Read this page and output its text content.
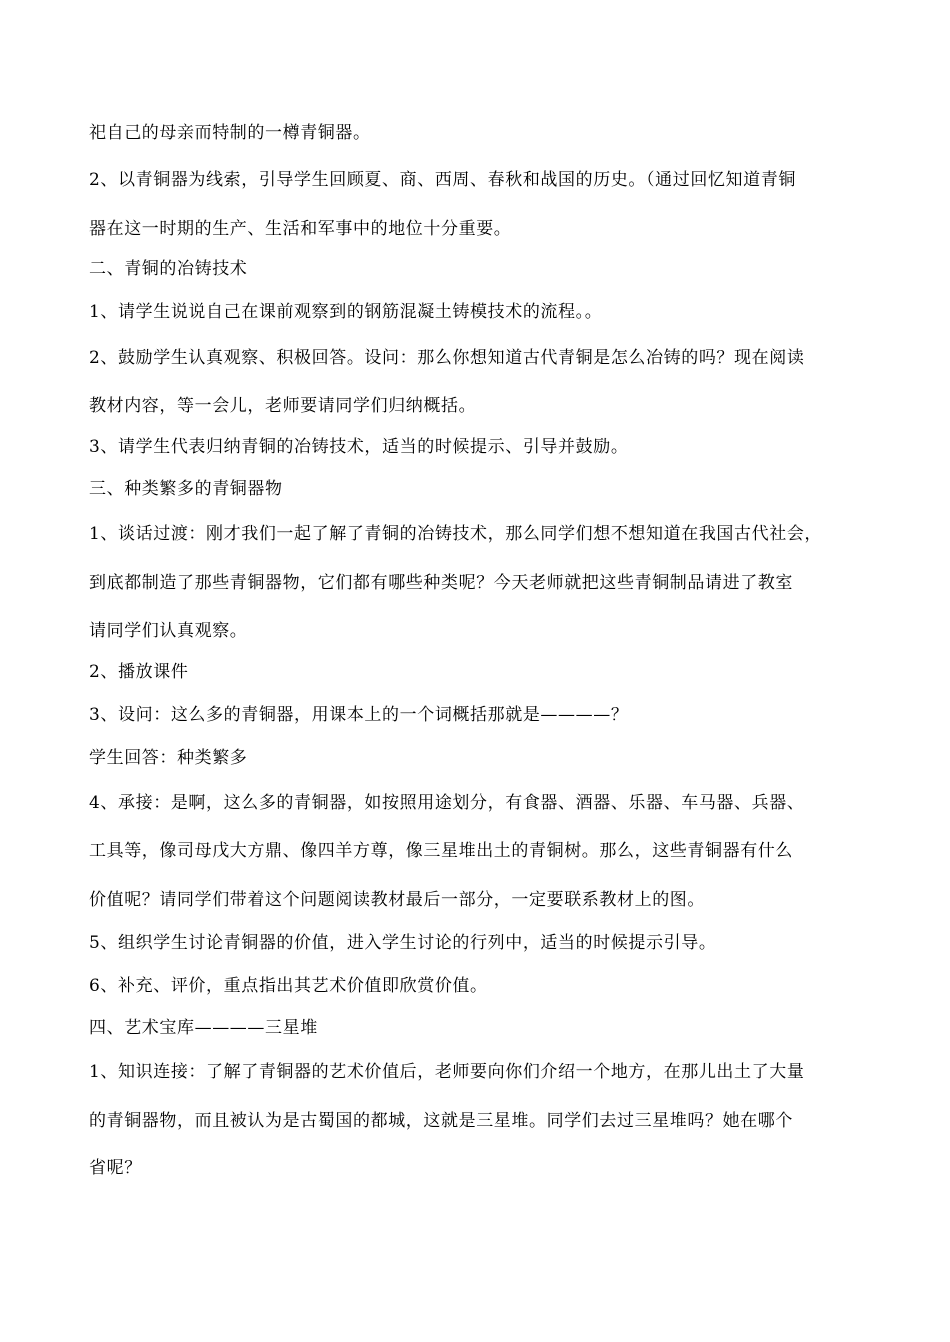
祀自己的母亲而特制的一樽青铜器。
2、以青铜器为线索，引导学生回顾夏、商、西周、春秋和战国的历史。（通过回忆知道青铜
器在这一时期的生产、生活和军事中的地位十分重要。
二、青铜的冶铸技术
1、请学生说说自己在课前观察到的钢筋混凝土铸模技术的流程。。
2、鼓励学生认真观察、积极回答。设问：那么你想知道古代青铜是怎么冶铸的吗？现在阅读
教材内容，等一会儿，老师要请同学们归纳概括。
3、请学生代表归纳青铜的冶铸技术，适当的时候提示、引导并鼓励。
三、种类繁多的青铜器物
1、谈话过渡：刚才我们一起了解了青铜的冶铸技术，那么同学们想不想知道在我国古代社会，
到底都制造了那些青铜器物，它们都有哪些种类呢？今天老师就把这些青铜制品请进了教室
请同学们认真观察。
2、播放课件
3、设问：这么多的青铜器，用课本上的一个词概括那就是————？
学生回答：种类繁多
4、承接：是啊，这么多的青铜器，如按照用途划分，有食器、酒器、乐器、车马器、兵器、
工具等，像司母戊大方鼎、像四羊方尊，像三星堆出土的青铜树。那么，这些青铜器有什么
价值呢？请同学们带着这个问题阅读教材最后一部分，一定要联系教材上的图。
5、组织学生讨论青铜器的价值，进入学生讨论的行列中，适当的时候提示引导。
6、补充、评价，重点指出其艺术价值即欣赏价值。
四、艺术宝库————三星堆
1、知识连接：了解了青铜器的艺术价值后，老师要向你们介绍一个地方，在那儿出土了大量
的青铜器物，而且被认为是古蜀国的都城，这就是三星堆。同学们去过三星堆吗？她在哪个
省呢？
